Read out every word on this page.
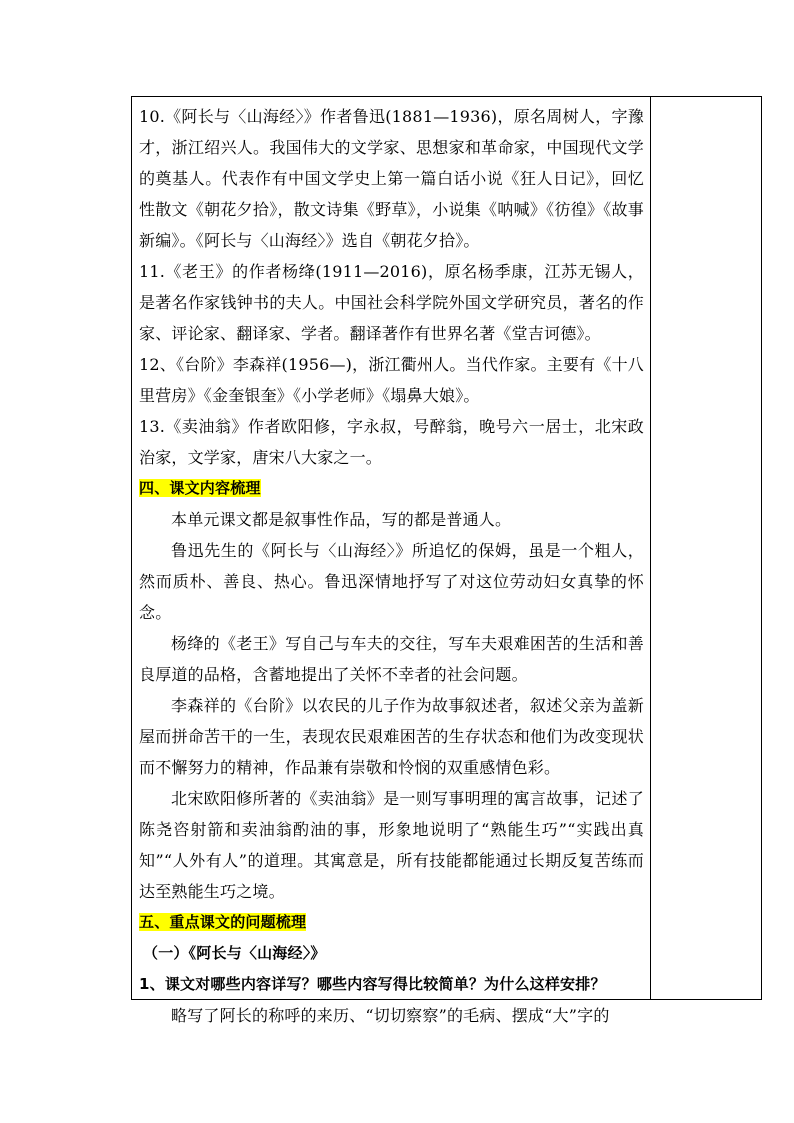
10.《阿长与〈山海经〉》作者鲁迅(1881—1936)，原名周树人，字豫才，浙江绍兴人。我国伟大的文学家、思想家和革命家，中国现代文学的奠基人。代表作有中国文学史上第一篇白话小说《狂人日记》，回忆性散文《朝花夕拾》，散文诗集《野草》，小说集《呐喊》《彷徨》《故事新编》。《阿长与〈山海经〉》选自《朝花夕拾》。

11.《老王》的作者杨绛(1911—2016)，原名杨季康，江苏无锡人，是著名作家钱钟书的夫人。中国社会科学院外国文学研究员，著名的作家、评论家、翻译家、学者。翻译著作有世界名著《堂吉诃德》。

12、《台阶》李森祥(1956—)，浙江衢州人。当代作家。主要有《十八里营房》《金奎银奎》《小学老师》《塌鼻大娘》。

13.《卖油翁》作者欧阳修，字永叔，号醉翁，晚号六一居士，北宋政治家，文学家，唐宋八大家之一。

四、课文内容梳理

本单元课文都是叙事性作品，写的都是普通人。

鲁迅先生的《阿长与〈山海经〉》所追忆的保姆，虽是一个粗人，然而质朴、善良、热心。鲁迅深情地抒写了对这位劳动妇女真挚的怀念。

杨绛的《老王》写自己与车夫的交往，写车夫艰难困苦的生活和善良厚道的品格，含蓄地提出了关怀不幸者的社会问题。

李森祥的《台阶》以农民的儿子作为故事叙述者，叙述父亲为盖新屋而拼命苦干的一生，表现农民艰难困苦的生存状态和他们为改变现状而不懈努力的精神，作品兼有崇敬和怜悯的双重感情色彩。

北宋欧阳修所著的《卖油翁》是一则写事明理的寓言故事，记述了陈尧咨射箭和卖油翁酌油的事，形象地说明了“熟能生巧”“实践出真知”“人外有人”的道理。其寓意是，所有技能都能通过长期反复苦练而达至熟能生巧之境。

五、重点课文的问题梳理

（一）《阿长与〈山海经〉》

1、课文对哪些内容详写？哪些内容写得比较简单？为什么这样安排？

略写了阿长的称呼的来历、“切切察察”的毛病、摆成“大”字的
